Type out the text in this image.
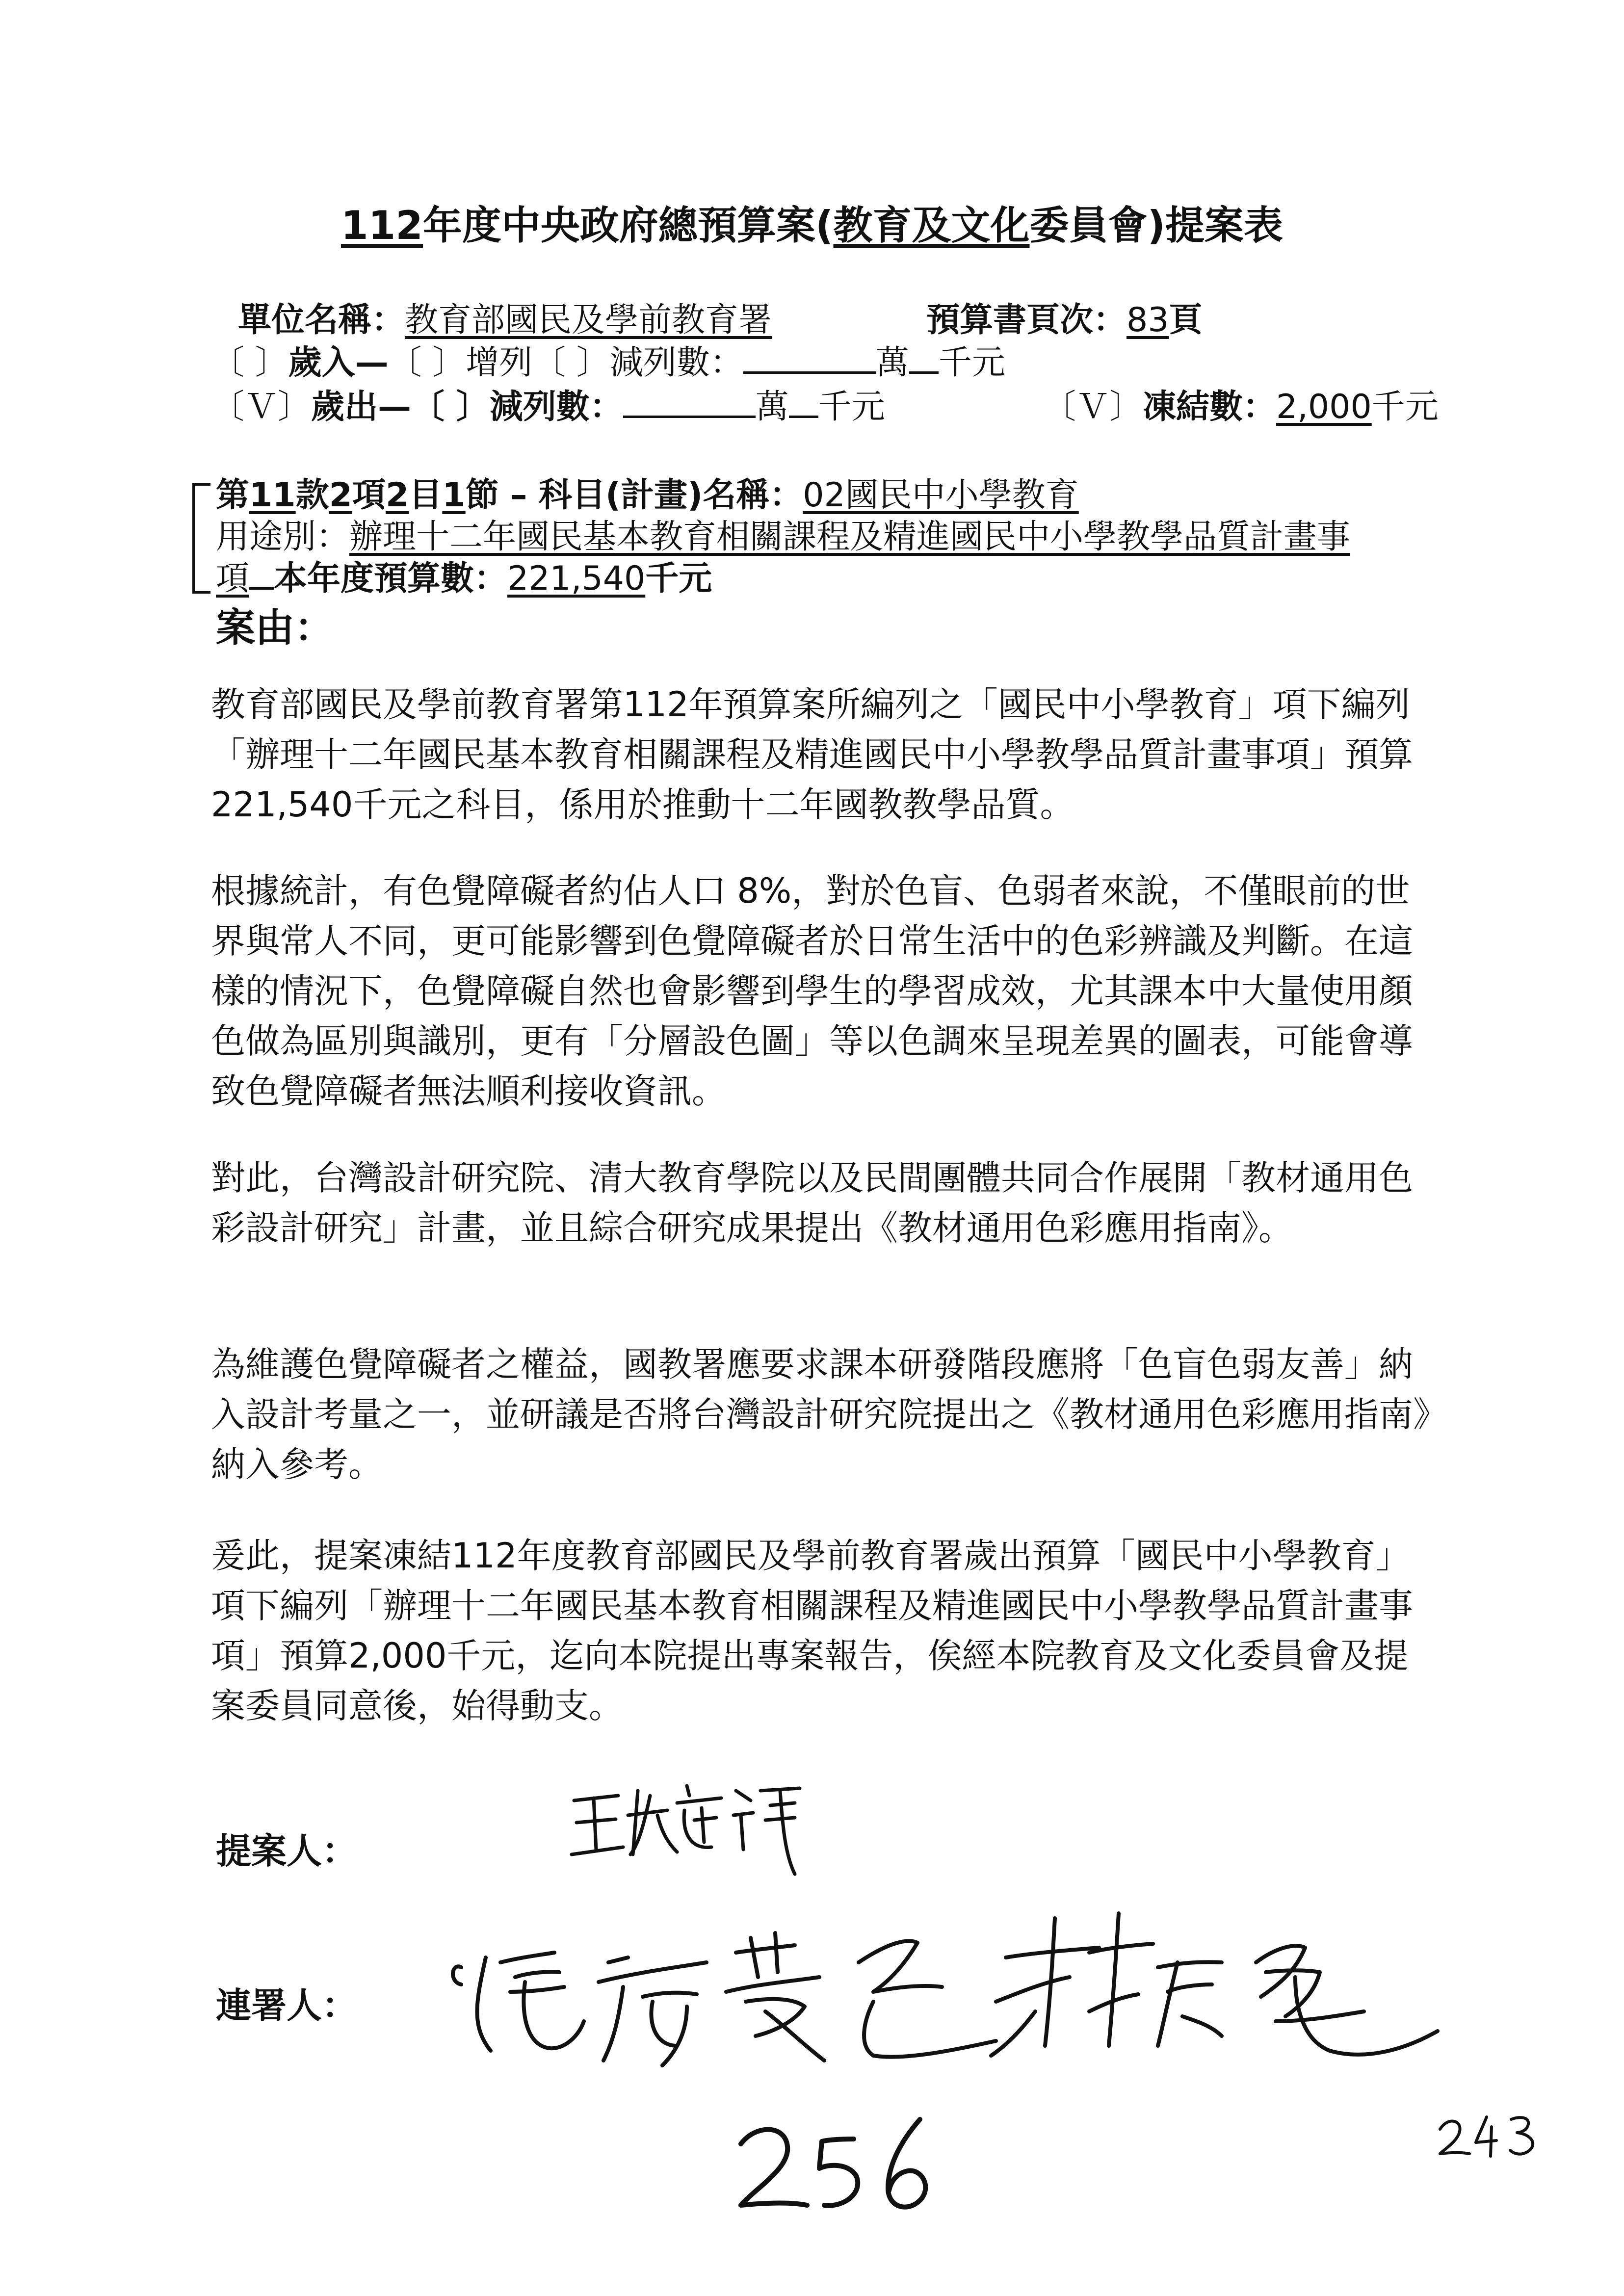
112年度中央政府總預算案(教育及文化委員會)提案表
單位名稱：教育部國民及學前教育署	預算書頁次：83頁
〔 〕歲入—〔 〕增列〔 〕減列數：	萬 千元
〔Ｖ〕歲出—〔 〕減列數：	萬 千元	〔Ｖ〕凍結數：2,000千元
第11款2項2目1節 – 科目(計畫)名稱：02國民中小學教育
用途別：辦理十二年國民基本教育相關課程及精進國民中小學教學品質計畫事
項 本年度預算數：221,540千元
案由：

教育部國民及學前教育署第112年預算案所編列之「國民中小學教育」項下編列「辦理十二年國民基本教育相關課程及精進國民中小學教學品質計畫事項」預算221,540千元之科目，係用於推動十二年國教教學品質。

根據統計，有色覺障礙者約佔人口 8%，對於色盲、色弱者來說，不僅眼前的世界與常人不同，更可能影響到色覺障礙者於日常生活中的色彩辨識及判斷。在這樣的情況下，色覺障礙自然也會影響到學生的學習成效，尤其課本中大量使用顏色做為區別與識別，更有「分層設色圖」等以色調來呈現差異的圖表，可能會導致色覺障礙者無法順利接收資訊。

對此，台灣設計研究院、清大教育學院以及民間團體共同合作展開「教材通用色彩設計研究」計畫，並且綜合研究成果提出《教材通用色彩應用指南》。

為維護色覺障礙者之權益，國教署應要求課本研發階段應將「色盲色弱友善」納入設計考量之一，並研議是否將台灣設計研究院提出之《教材通用色彩應用指南》納入參考。

爰此，提案凍結112年度教育部國民及學前教育署歲出預算「國民中小學教育」項下編列「辦理十二年國民基本教育相關課程及精進國民中小學教學品質計畫事項」預算2,000千元，迄向本院提出專案報告，俟經本院教育及文化委員會及提案委員同意後，始得動支。

提案人：
連署人：
